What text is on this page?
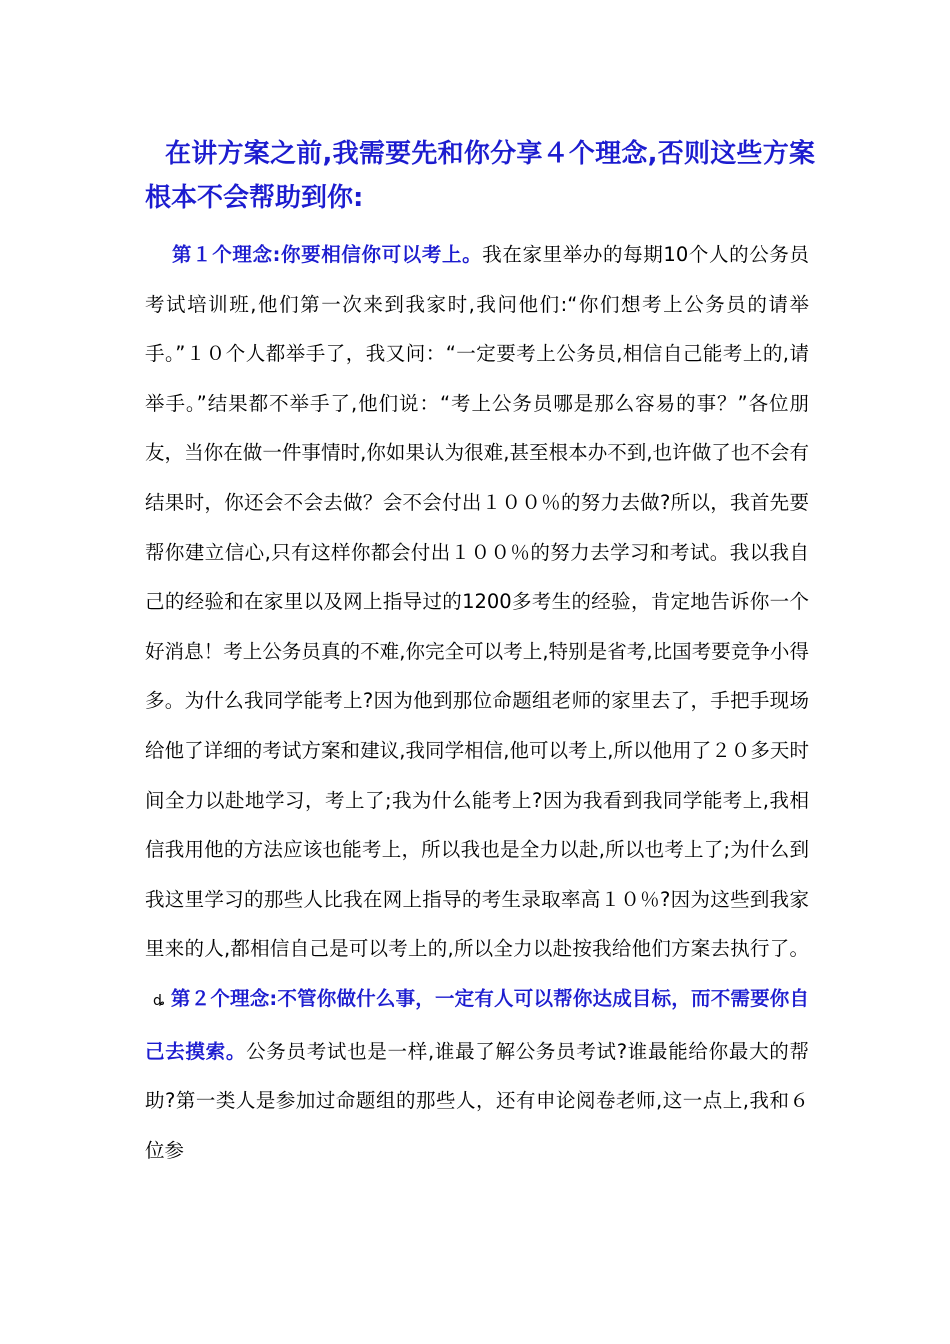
在讲方案之前,我需要先和你分享４个理念,否则这些方案根本不会帮助到你:

第１个理念:你要相信你可以考上。我在家里举办的每期10个人的公务员考试培训班,他们第一次来到我家时,我问他们:“你们想考上公务员的请举手。”１０个人都举手了，我又问：“一定要考上公务员,相信自己能考上的,请举手。”结果都不举手了,他们说：“考上公务员哪是那么容易的事？”各位朋友，当你在做一件事情时,你如果认为很难,甚至根本办不到,也许做了也不会有结果时，你还会不会去做？会不会付出１００％的努力去做?所以，我首先要帮你建立信心,只有这样你都会付出１００％的努力去学习和考试。我以我自己的经验和在家里以及网上指导过的1200多考生的经验，肯定地告诉你一个好消息！考上公务员真的不难,你完全可以考上,特别是省考,比国考要竞争小得多。为什么我同学能考上?因为他到那位命题组老师的家里去了，手把手现场给他了详细的考试方案和建议,我同学相信,他可以考上,所以他用了２０多天时间全力以赴地学习，考上了;我为什么能考上?因为我看到我同学能考上,我相信我用他的方法应该也能考上，所以我也是全力以赴,所以也考上了;为什么到我这里学习的那些人比我在网上指导的考生录取率高１０％?因为这些到我家里来的人,都相信自己是可以考上的,所以全力以赴按我给他们方案去执行了。ȡ 第２个理念:不管你做什么事，一定有人可以帮你达成目标，而不需要你自己去摸索。公务员考试也是一样,谁最了解公务员考试?谁最能给你最大的帮助?第一类人是参加过命题组的那些人，还有申论阅卷老师,这一点上,我和６位参
